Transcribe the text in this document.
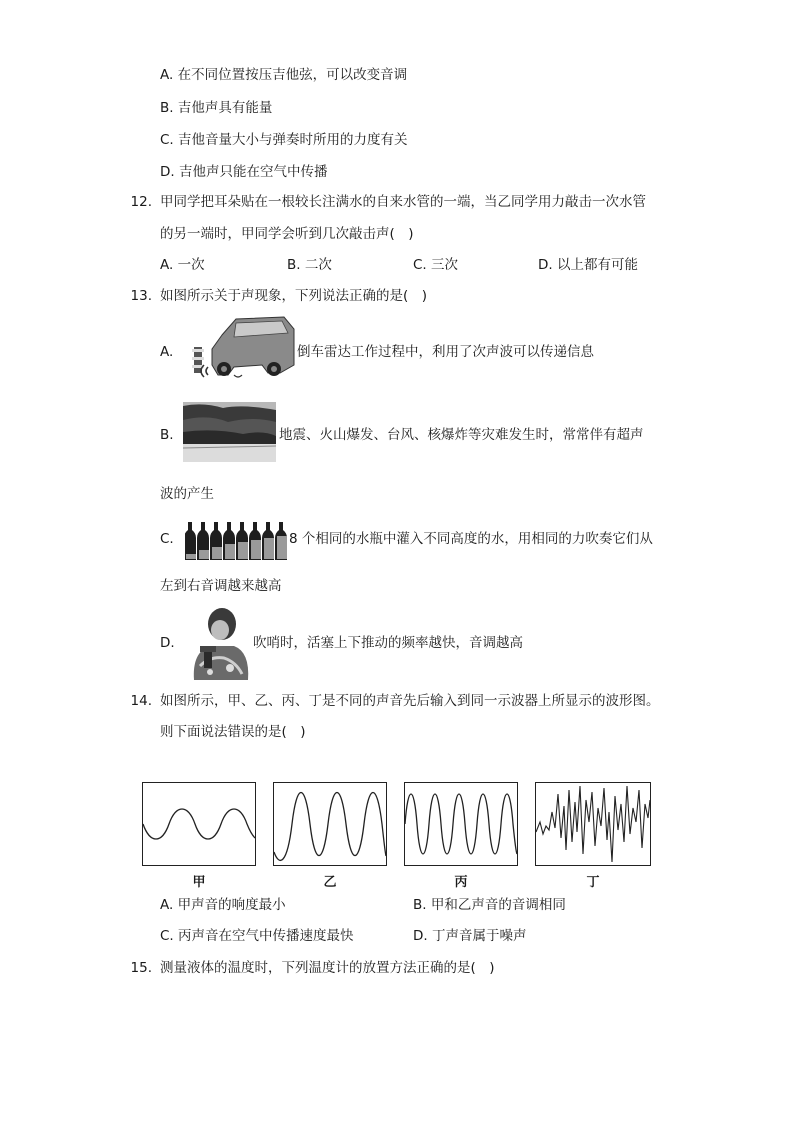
A. 在不同位置按压吉他弦，可以改变音调
B. 吉他声具有能量
C. 吉他音量大小与弹奏时所用的力度有关
D. 吉他声只能在空气中传播
12. 甲同学把耳朵贴在一根较长注满水的自来水管的一端，当乙同学用力敲击一次水管
的另一端时，甲同学会听到几次敲击声(　)
A. 一次	B. 二次	C. 三次	D. 以上都有可能
13. 如图所示关于声现象，下列说法正确的是(　)
A.	倒车雷达工作过程中，利用了次声波可以传递信息
B.	地震、火山爆发、台风、核爆炸等灾难发生时，常常伴有超声
波的产生
C.	8 个相同的水瓶中灌入不同高度的水，用相同的力吹奏它们从
左到右音调越来越高
D.	吹哨时，活塞上下推动的频率越快，音调越高
14. 如图所示，甲、乙、丙、丁是不同的声音先后输入到同一示波器上所显示的波形图。
则下面说法错误的是(　)
甲	乙	丙	丁
A. 甲声音的响度最小	B. 甲和乙声音的音调相同
C. 丙声音在空气中传播速度最快	D. 丁声音属于噪声
15. 测量液体的温度时，下列温度计的放置方法正确的是(　)
